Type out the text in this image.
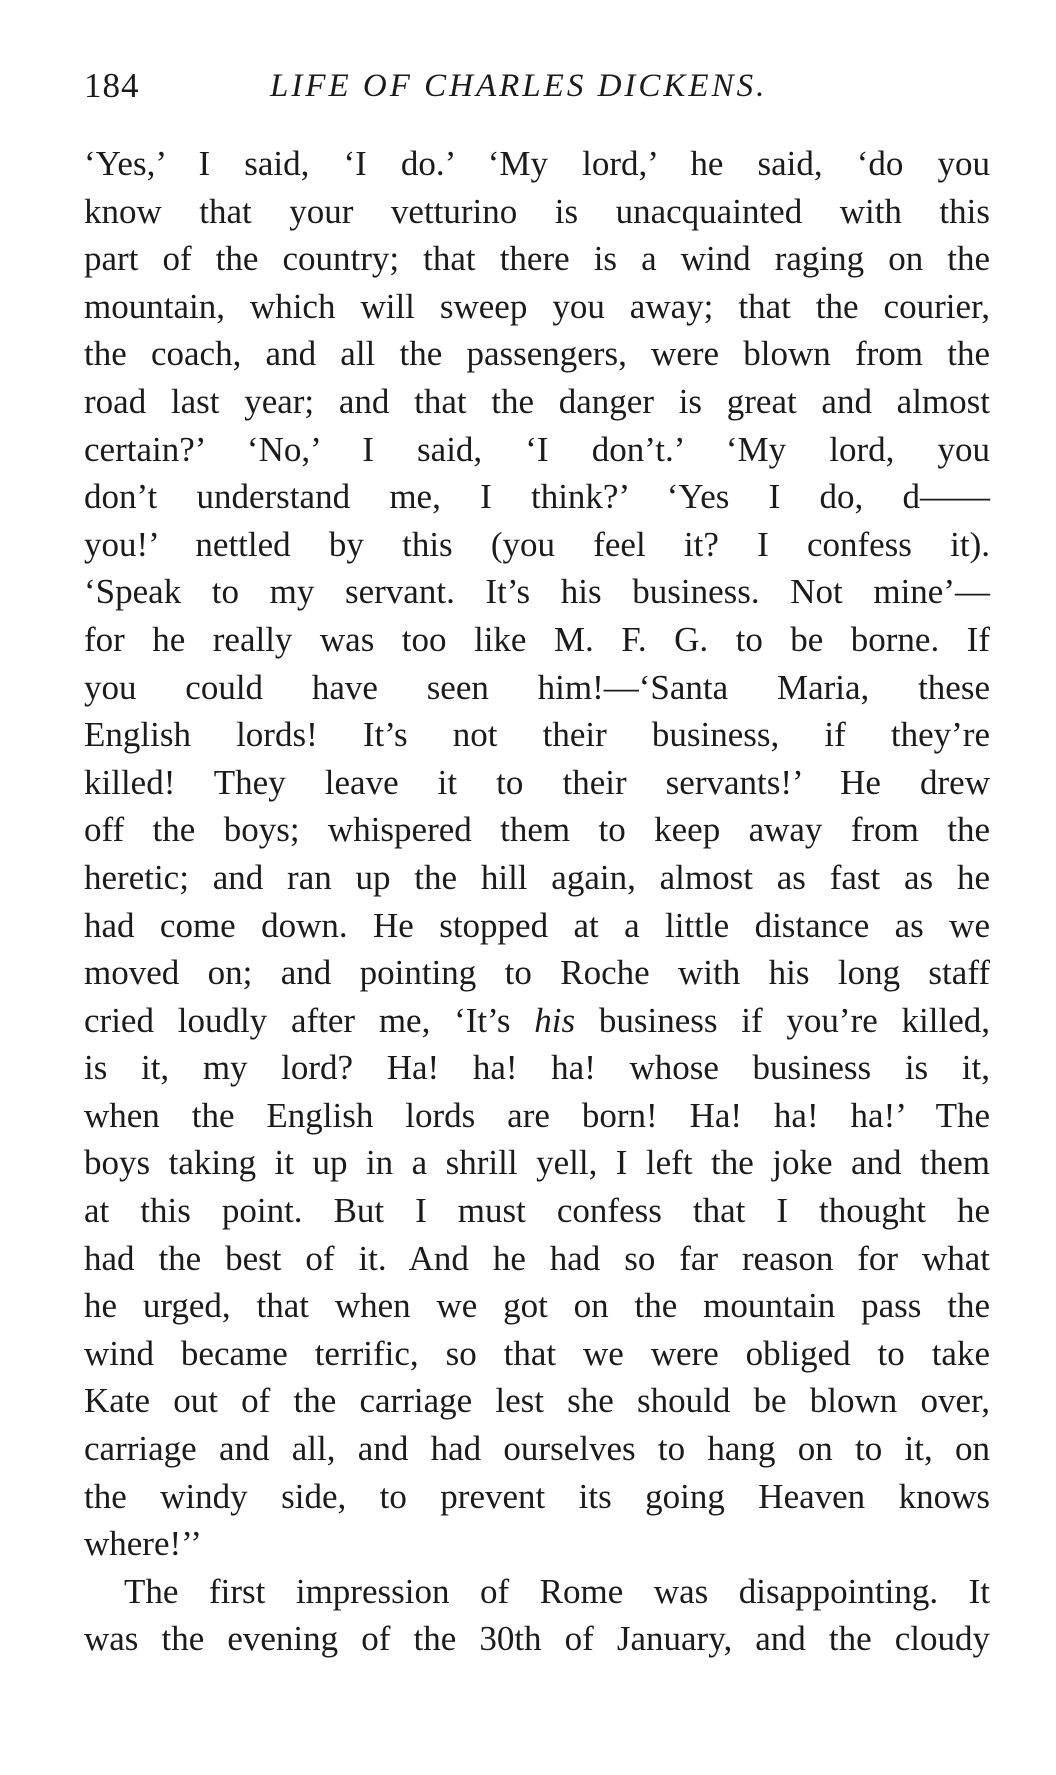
184	LIFE OF CHARLES DICKENS.
‘Yes,’ I said, ‘I do.’ ‘My lord,’ he said, ‘do you
know that your vetturino is unacquainted with this
part of the country; that there is a wind raging on the
mountain, which will sweep you away; that the courier,
the coach, and all the passengers, were blown from the
road last year; and that the danger is great and almost
certain?’ ‘No,’ I said, ‘I don’t.’ ‘My lord, you
don’t understand me, I think?’ ‘Yes I do, d——
you!’ nettled by this (you feel it? I confess it).
‘Speak to my servant. It’s his business. Not mine’—
for he really was too like M. F. G. to be borne. If
you could have seen him!—‘Santa Maria, these
English lords! It’s not their business, if they’re
killed! They leave it to their servants!’ He drew
off the boys; whispered them to keep away from the
heretic; and ran up the hill again, almost as fast as he
had come down. He stopped at a little distance as we
moved on; and pointing to Roche with his long staff
cried loudly after me, ‘It’s his business if you’re killed,
is it, my lord? Ha! ha! ha! whose business is it,
when the English lords are born! Ha! ha! ha!’ The
boys taking it up in a shrill yell, I left the joke and them
at this point. But I must confess that I thought he
had the best of it. And he had so far reason for what
he urged, that when we got on the mountain pass the
wind became terrific, so that we were obliged to take
Kate out of the carriage lest she should be blown over,
carriage and all, and had ourselves to hang on to it, on
the windy side, to prevent its going Heaven knows
where!’’
The first impression of Rome was disappointing. It
was the evening of the 30th of January, and the cloudy
